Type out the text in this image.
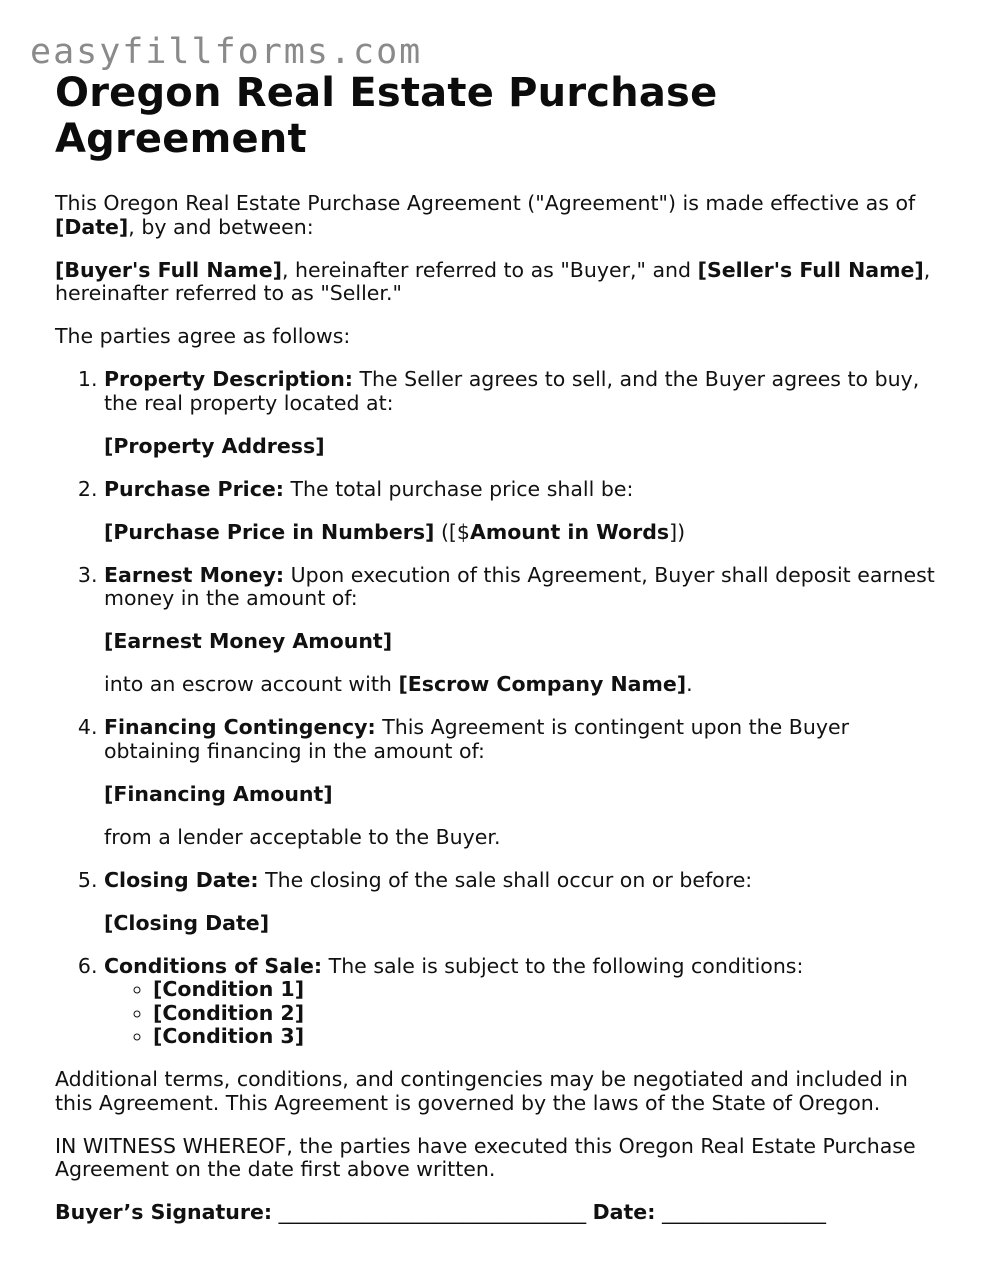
easyfillforms.com
Oregon Real Estate Purchase Agreement

This Oregon Real Estate Purchase Agreement ("Agreement") is made effective as of [Date], by and between:

[Buyer's Full Name], hereinafter referred to as "Buyer," and [Seller's Full Name], hereinafter referred to as "Seller."

The parties agree as follows:

1. Property Description: The Seller agrees to sell, and the Buyer agrees to buy, the real property located at:

[Property Address]

2. Purchase Price: The total purchase price shall be:

[Purchase Price in Numbers] ([$Amount in Words])

3. Earnest Money: Upon execution of this Agreement, Buyer shall deposit earnest money in the amount of:

[Earnest Money Amount]

into an escrow account with [Escrow Company Name].

4. Financing Contingency: This Agreement is contingent upon the Buyer obtaining financing in the amount of:

[Financing Amount]

from a lender acceptable to the Buyer.

5. Closing Date: The closing of the sale shall occur on or before:

[Closing Date]

6. Conditions of Sale: The sale is subject to the following conditions:
◦ [Condition 1]
◦ [Condition 2]
◦ [Condition 3]

Additional terms, conditions, and contingencies may be negotiated and included in this Agreement. This Agreement is governed by the laws of the State of Oregon.

IN WITNESS WHEREOF, the parties have executed this Oregon Real Estate Purchase Agreement on the date first above written.

Buyer’s Signature: ______________________________ Date: ________________
